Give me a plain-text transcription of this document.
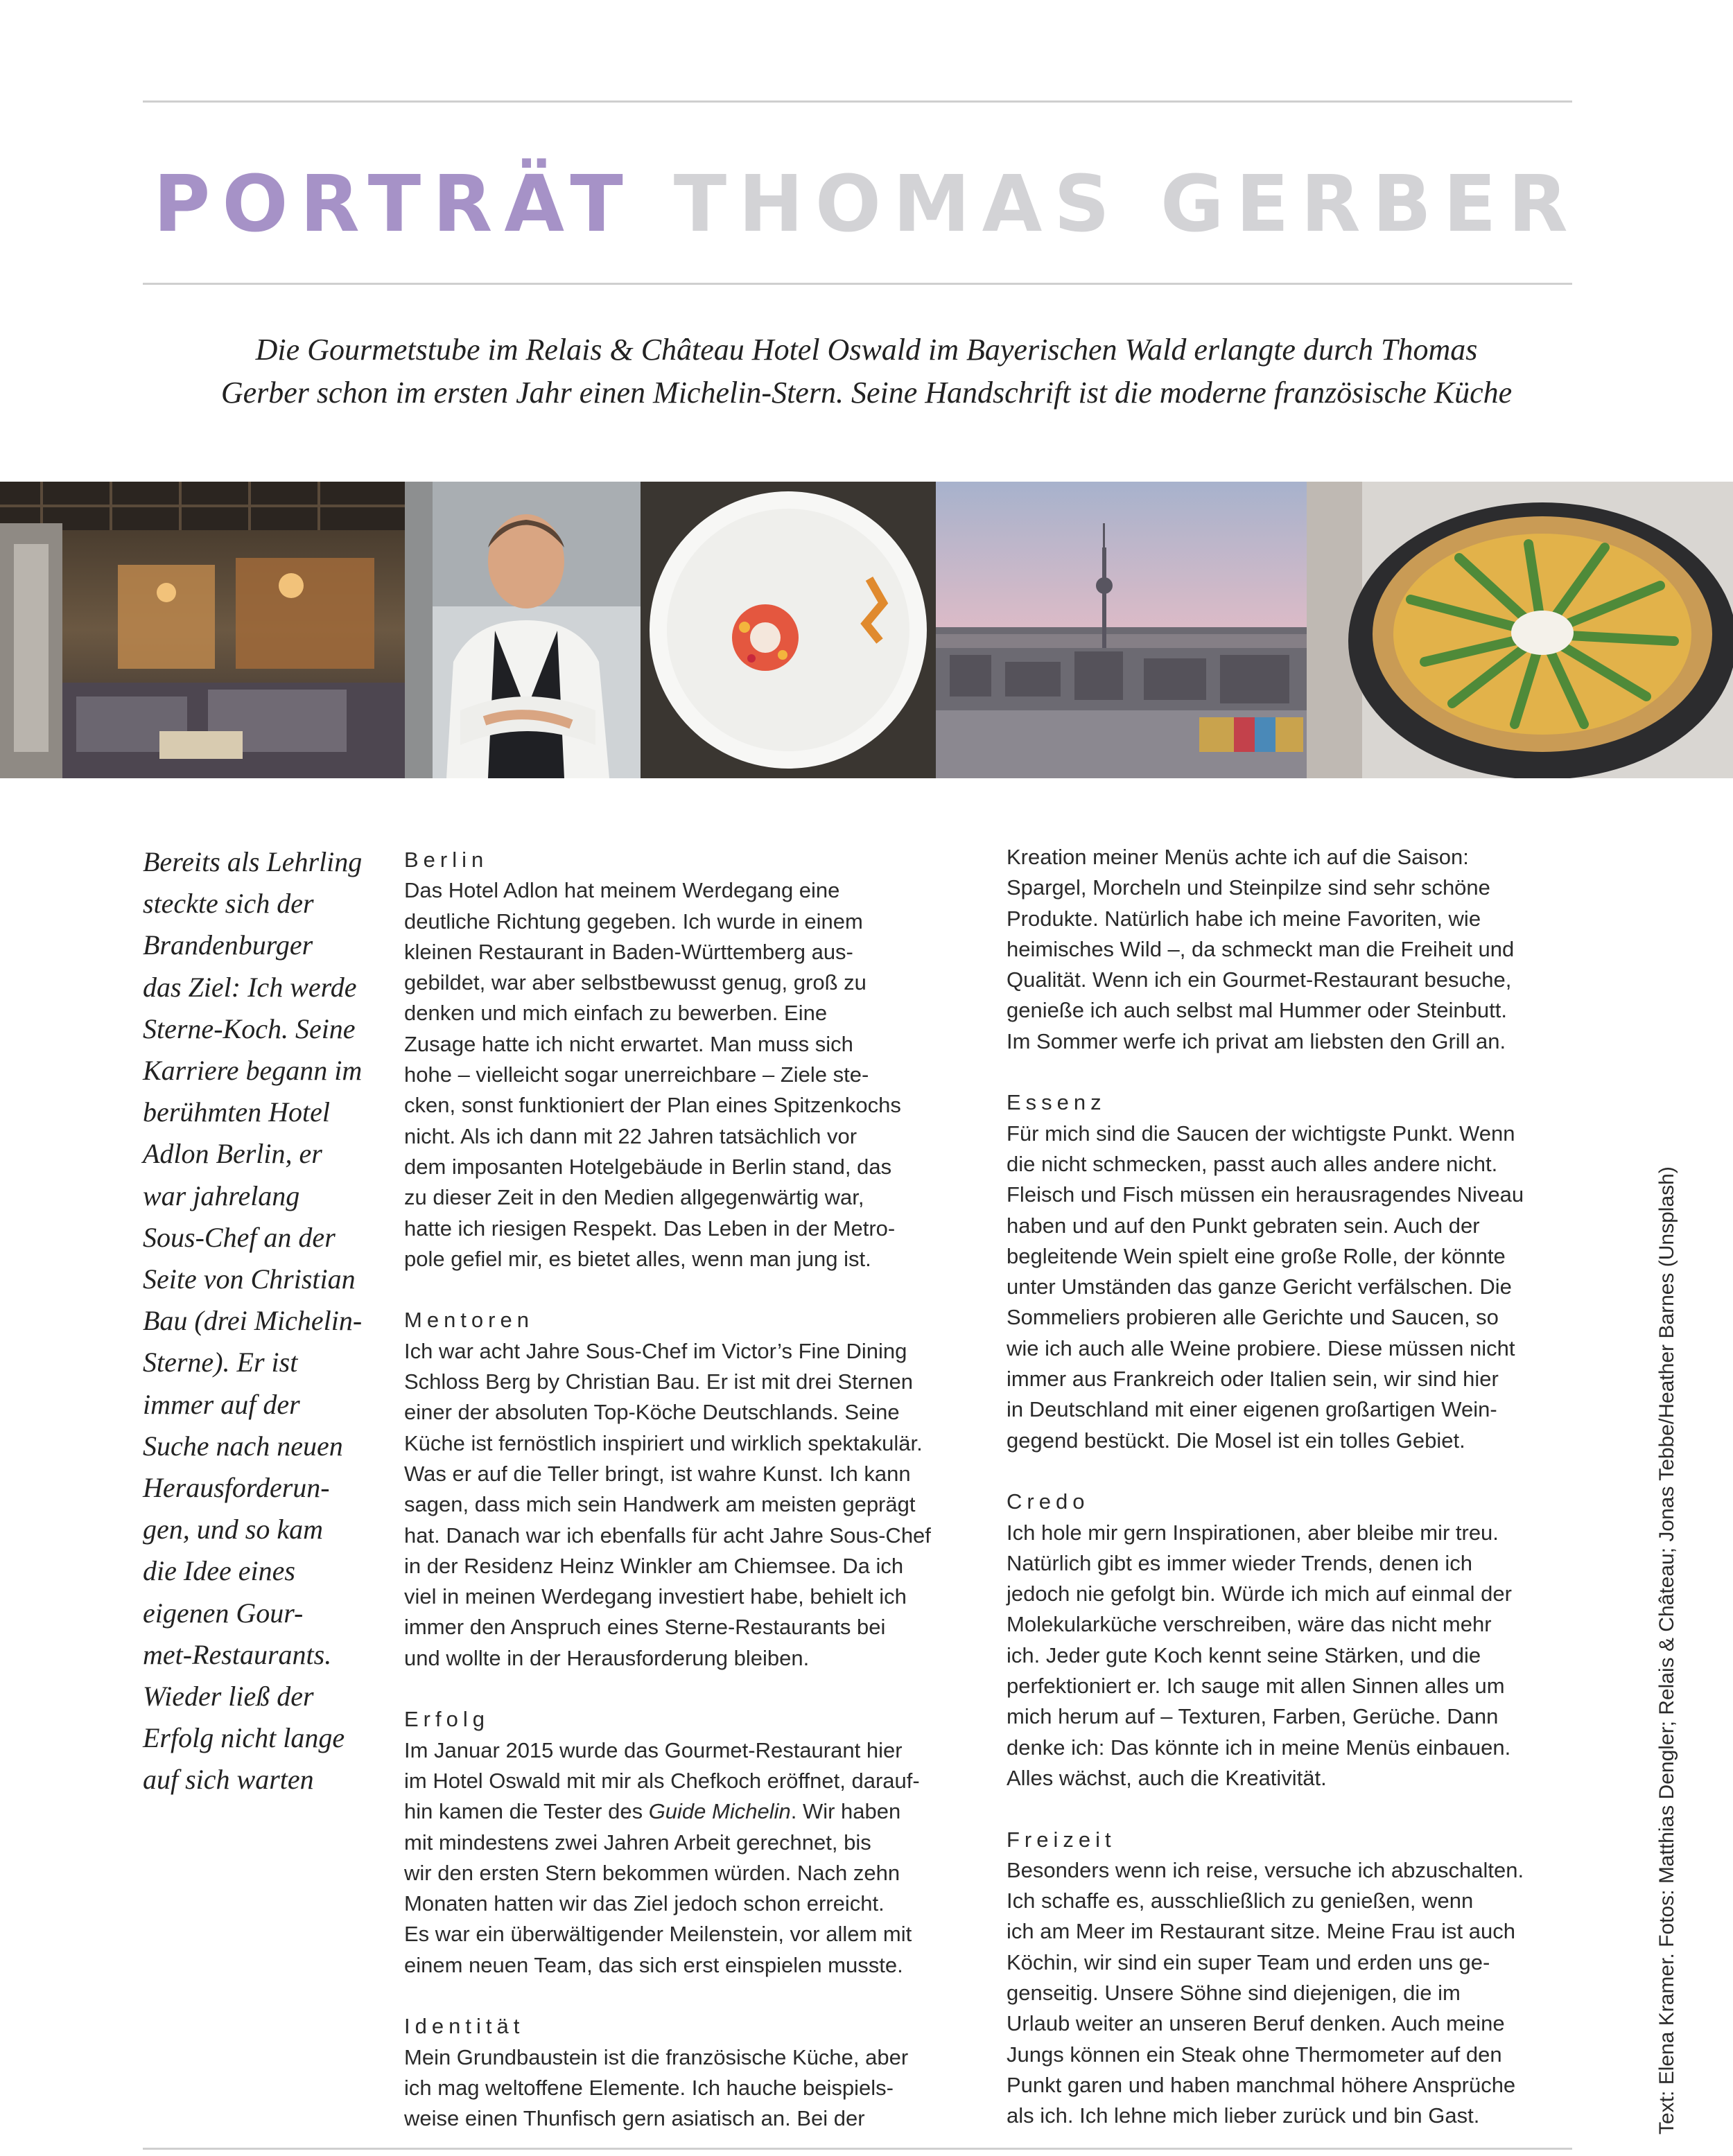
PORTRÄT THOMAS GERBER
Die Gourmetstube im Relais & Château Hotel Oswald im Bayerischen Wald erlangte durch Thomas
Gerber schon im ersten Jahr einen Michelin-Stern. Seine Handschrift ist die moderne französische Küche
Bereits als Lehrling
steckte sich der
Brandenburger
das Ziel: Ich werde
Sterne-Koch. Seine
Karriere begann im
berühmten Hotel
Adlon Berlin, er
war jahrelang
Sous-Chef an der
Seite von Christian
Bau (drei Michelin-
Sterne). Er ist
immer auf der
Suche nach neuen
Herausforderun-
gen, und so kam
die Idee eines
eigenen Gour-
met-Restaurants.
Wieder ließ der
Erfolg nicht lange
auf sich warten
Berlin

Das Hotel Adlon hat meinem Werdegang eine

deutliche Richtung gegeben. Ich wurde in einem

kleinen Restaurant in Baden-Württemberg aus-

gebildet, war aber selbstbewusst genug, groß zu

denken und mich einfach zu bewerben. Eine

Zusage hatte ich nicht erwartet. Man muss sich

hohe – vielleicht sogar unerreichbare – Ziele ste-

cken, sonst funktioniert der Plan eines Spitzenkochs

nicht. Als ich dann mit 22 Jahren tatsächlich vor

dem imposanten Hotelgebäude in Berlin stand, das

zu dieser Zeit in den Medien allgegenwärtig war,

hatte ich riesigen Respekt. Das Leben in der Metro-

pole gefiel mir, es bietet alles, wenn man jung ist.

Mentoren

Ich war acht Jahre Sous-Chef im Victor’s Fine Dining

Schloss Berg by Christian Bau. Er ist mit drei Sternen

einer der absoluten Top-Köche Deutschlands. Seine

Küche ist fernöstlich inspiriert und wirklich spektakulär.

Was er auf die Teller bringt, ist wahre Kunst. Ich kann

sagen, dass mich sein Handwerk am meisten geprägt

hat. Danach war ich ebenfalls für acht Jahre Sous-Chef

in der Residenz Heinz Winkler am Chiemsee. Da ich

viel in meinen Werdegang investiert habe, behielt ich

immer den Anspruch eines Sterne-Restaurants bei

und wollte in der Herausforderung bleiben.

Erfolg

Im Januar 2015 wurde das Gourmet-Restaurant hier

im Hotel Oswald mit mir als Chefkoch eröffnet, darauf-

hin kamen die Tester des Guide Michelin. Wir haben

mit mindestens zwei Jahren Arbeit gerechnet, bis

wir den ersten Stern bekommen würden. Nach zehn

Monaten hatten wir das Ziel jedoch schon erreicht.

Es war ein überwältigender Meilenstein, vor allem mit

einem neuen Team, das sich erst einspielen musste.

Identität

Mein Grundbaustein ist die französische Küche, aber

ich mag weltoffene Elemente. Ich hauche beispiels-

weise einen Thunfisch gern asiatisch an. Bei der

Kreation meiner Menüs achte ich auf die Saison:

Spargel, Morcheln und Steinpilze sind sehr schöne

Produkte. Natürlich habe ich meine Favoriten, wie

heimisches Wild –, da schmeckt man die Freiheit und

Qualität. Wenn ich ein Gourmet-Restaurant besuche,

genieße ich auch selbst mal Hummer oder Steinbutt.

Im Sommer werfe ich privat am liebsten den Grill an.

Essenz

Für mich sind die Saucen der wichtigste Punkt. Wenn

die nicht schmecken, passt auch alles andere nicht.

Fleisch und Fisch müssen ein herausragendes Niveau

haben und auf den Punkt gebraten sein. Auch der

begleitende Wein spielt eine große Rolle, der könnte

unter Umständen das ganze Gericht verfälschen. Die

Sommeliers probieren alle Gerichte und Saucen, so

wie ich auch alle Weine probiere. Diese müssen nicht

immer aus Frankreich oder Italien sein, wir sind hier

in Deutschland mit einer eigenen großartigen Wein-

gegend bestückt. Die Mosel ist ein tolles Gebiet.

Credo

Ich hole mir gern Inspirationen, aber bleibe mir treu.

Natürlich gibt es immer wieder Trends, denen ich

jedoch nie gefolgt bin. Würde ich mich auf einmal der

Molekularküche verschreiben, wäre das nicht mehr

ich. Jeder gute Koch kennt seine Stärken, und die

perfektioniert er. Ich sauge mit allen Sinnen alles um

mich herum auf – Texturen, Farben, Gerüche. Dann

denke ich: Das könnte ich in meine Menüs einbauen.

Alles wächst, auch die Kreativität.

Freizeit

Besonders wenn ich reise, versuche ich abzuschalten.

Ich schaffe es, ausschließlich zu genießen, wenn

ich am Meer im Restaurant sitze. Meine Frau ist auch

Köchin, wir sind ein super Team und erden uns ge-

genseitig. Unsere Söhne sind diejenigen, die im

Urlaub weiter an unseren Beruf denken. Auch meine

Jungs können ein Steak ohne Thermometer auf den

Punkt garen und haben manchmal höhere Ansprüche

als ich. Ich lehne mich lieber zurück und bin Gast.	Text: Elena Kramer. Fotos: Matthias Dengler; Relais & Château; Jonas Tebbe/Heather Barnes (Unsplash)
